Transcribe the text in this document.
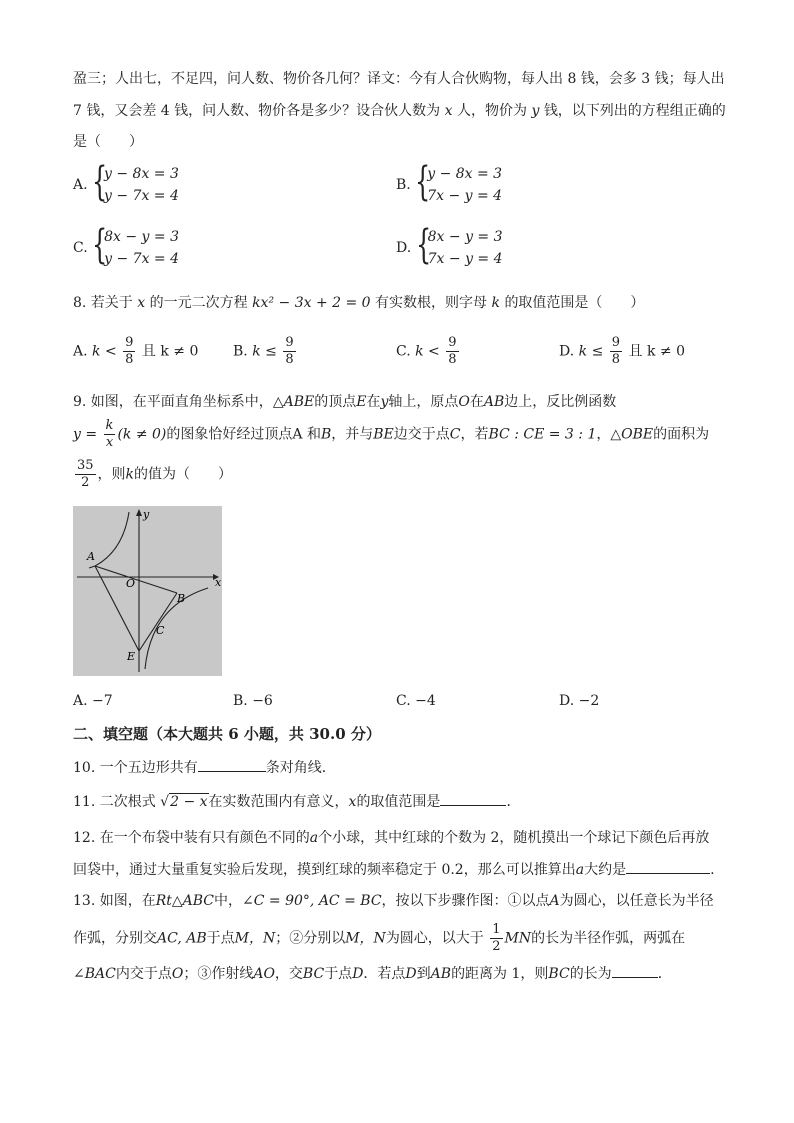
盈三；人出七，不足四，问人数、物价各几何？译文：今有人合伙购物，每人出 8 钱，会多 3 钱；每人出
7 钱，又会差 4 钱，问人数、物价各是多少？设合伙人数为 x 人，物价为 y 钱，以下列出的方程组正确的
是（　　）
A. {
y − 8x = 3
y − 7x = 4
B. {
y − 8x = 3
7x − y = 4
C. {
8x − y = 3
y − 7x = 4
D. {
8x − y = 3
7x − y = 4
8. 若关于 x 的一元二次方程 kx² − 3x + 2 = 0 有实数根，则字母 k 的取值范围是（　　）
A. $k < \frac{9}{8}$ 且 k ≠ 0 B. $k \le \frac{9}{8}$	C. $k < \frac{9}{8}$	D. $k \le \frac{9}{8}$ 且 k ≠ 0
9. 如图，在平面直角坐标系中，△ABE的顶点E在y轴上，原点O在AB边上，反比例函数
$y = \frac{k}{x} (k \ne 0)$的图象恰好经过顶点A 和B，并与BE边交于点C，若BC : CE = 3 : 1，△OBE的面积为
$\frac{35}{2}$ ，则k的值为（　　）
A
O	x
y
B
C
E
A. −7	B. −6	C. −4	D. −2
二、填空题（本大题共 6 小题，共 30.0 分）
10. 一个五边形共有	条对角线．
11. 二次根式 √2 − x在实数范围内有意义，x的取值范围是	．
12. 在一个布袋中装有只有颜色不同的a个小球，其中红球的个数为 2，随机摸出一个球记下颜色后再放
回袋中，通过大量重复实验后发现，摸到红球的频率稳定于 0.2，那么可以推算出a大约是	.
13. 如图，在Rt△ABC中，∠C = 90°, AC = BC，按以下步骤作图：①以点A为圆心，以任意长为半径
作弧，分别交AC, AB于点M，N；②分别以M，N为圆心，以大于 $\frac{1}{2}$ MN的长为半径作弧，两弧在
∠BAC内交于点O；③作射线AO，交BC于点D．若点D到AB的距离为 1，则BC的长为	．
